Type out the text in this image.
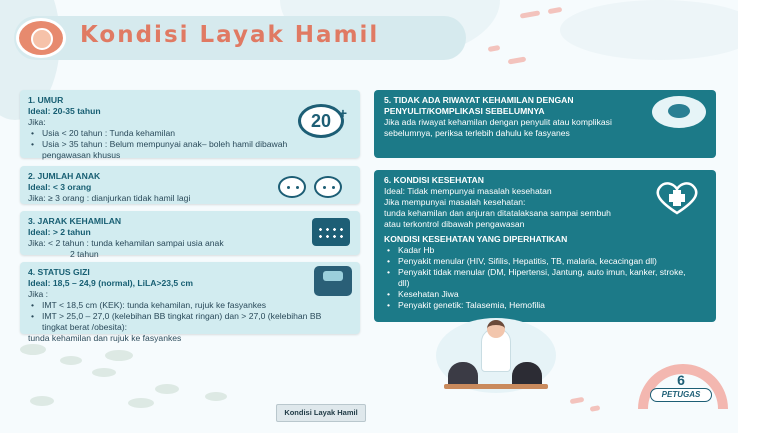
Kondisi Layak Hamil
1. UMUR
Ideal: 20-35 tahun
Jika:
• Usia < 20 tahun : Tunda kehamilan
• Usia > 35 tahun : Belum mempunyai anak– boleh hamil dibawah pengawasan khusus
20 +
2. JUMLAH ANAK
Ideal: < 3 orang
Jika: ≥ 3 orang : dianjurkan tidak hamil lagi
3. JARAK KEHAMILAN
Ideal: > 2 tahun
Jika: < 2 tahun : tunda kehamilan sampai usia anak
2 tahun
4. STATUS GIZI
Ideal: 18,5 – 24,9 (normal), LiLA>23,5 cm
Jika :
• IMT < 18,5 cm (KEK): tunda kehamilan, rujuk ke fasyankes
• IMT > 25,0 – 27,0 (kelebihan BB tingkat ringan) dan > 27,0 (kelebihan BB tingkat berat /obesita):
tunda kehamilan dan rujuk ke fasyankes
5. TIDAK ADA RIWAYAT KEHAMILAN DENGAN PENYULIT/KOMPLIKASI SEBELUMNYA
Jika ada riwayat kehamilan dengan penyulit atau komplikasi sebelumnya, periksa terlebih dahulu ke fasyanes
6. KONDISI KESEHATAN
Ideal: Tidak mempunyai masalah kesehatan
Jika mempunyai masalah kesehatan:
tunda kehamilan dan anjuran ditatalaksana sampai sembuh atau terkontrol dibawah pengawasan
KONDISI KESEHATAN YANG DIPERHATIKAN
• Kadar Hb
• Penyakit menular (HIV, Sifilis, Hepatitis, TB, malaria, kecacingan dll)
• Penyakit tidak menular (DM, Hipertensi, Jantung, auto imun, kanker, stroke, dll)
• Kesehatan Jiwa
• Penyakit genetik: Talasemia, Hemofilia
6
PETUGAS
Kondisi Layak Hamil
